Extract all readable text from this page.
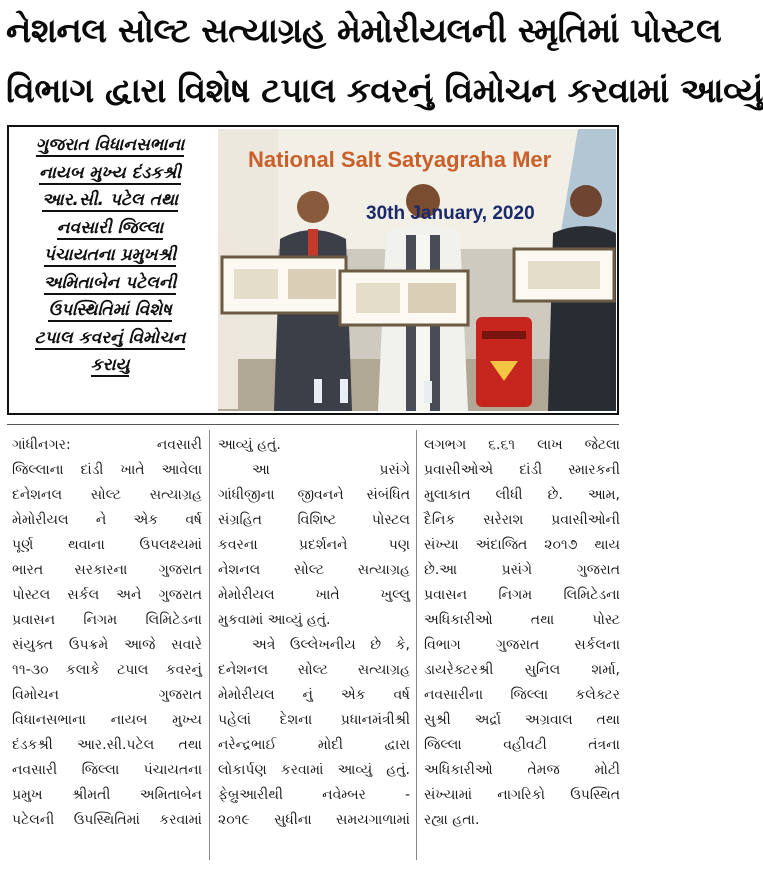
નેશનલ સોલ્ટ સત્યાગ્રહ મેમોરીયલની સ્મૃતિમાં પોસ્ટલ
વિભાગ દ્વારા વિશેષ ટપાલ કવરનું વિમોચન કરવામાં આવ્યું
ગુજરાત વિધાનસભાના
નાયબ મુખ્ય દંડકશ્રી
આર.સી. પટેલ તથા
નવસારી જિલ્લા
પંચાયતના પ્રમુખશ્રી
અમિતાબેન પટેલની
ઉપસ્થિતિમાં વિશેષ
ટપાલ કવરનું વિમોચન
કરાયુ
National Salt Satyagraha Mer
30th January, 2020
ગાંધીનગર: નવસારી
જિલ્લાના દાંડી ખાતે આવેલા
દનેશનલ સોલ્ટ સત્યાગ્રહ
મેમોરીયલ ને એક વર્ષ
પૂર્ણ થવાના ઉપલક્ષ્યમાં
ભારત સરકારના ગુજરાત
પોસ્ટલ સર્કલ અને ગુજરાત
પ્રવાસન નિગમ લિમિટેડના
સંયુક્ત ઉપક્રમે આજે સવારે
૧૧-૩૦ કલાકે ટપાલ કવરનું
વિમોચન ગુજરાત
વિધાનસભાના નાયબ મુખ્ય
દંડકશ્રી આર.સી.પટેલ તથા
નવસારી જિલ્લા પંચાયતના
પ્રમુખ શ્રીમતી અમિતાબેન
પટેલની ઉપસ્થિતિમાં કરવામાં
આવ્યું હતું.
આ પ્રસંગે
ગાંધીજીના જીવનને સંબંધિત
સંગ્રહિત વિશિષ્ટ પોસ્ટલ
કવરના પ્રદર્શનને પણ
નેશનલ સોલ્ટ સત્યાગ્રહ
મેમોરીયલ ખાતે ખુલ્લુ
મુકવામાં આવ્યું હતું.
અત્રે ઉલ્લેખનીય છે કે,
દનેશનલ સોલ્ટ સત્યાગ્રહ
મેમોરીયલ નું એક વર્ષ
પહેલાં દેશના પ્રધાનમંત્રીશ્રી
નરેન્દ્રભાઈ મોદી દ્વારા
લોકાર્પણ કરવામાં આવ્યું હતું.
ફેબ્રુઆરીથી નવેમ્બર -
૨૦૧૯ સુધીના સમયગાળામાં
લગભગ ૬.૬૧ લાખ જેટલા
પ્રવાસીઓએ દાંડી સ્મારકની
મુલાકાત લીધી છે. આમ,
દૈનિક સરેરાશ પ્રવાસીઓની
સંખ્યા અંદાજિત ૨૦૧૭ થાય
છે.આ પ્રસંગે ગુજરાત
પ્રવાસન નિગમ લિમિટેડના
અધિકારીઓ તથા પોસ્ટ
વિભાગ ગુજરાત સર્કલના
ડાયરેક્ટરશ્રી સુનિલ શર્મા,
નવસારીના જિલ્લા કલેક્ટર
સુશ્રી અર્દ્રા અગ્રવાલ તથા
જિલ્લા વહીવટી તંત્રના
અધિકારીઓ તેમજ મોટી
સંખ્યામાં નાગરિકો ઉપસ્થિત
રહ્યા હતા.
